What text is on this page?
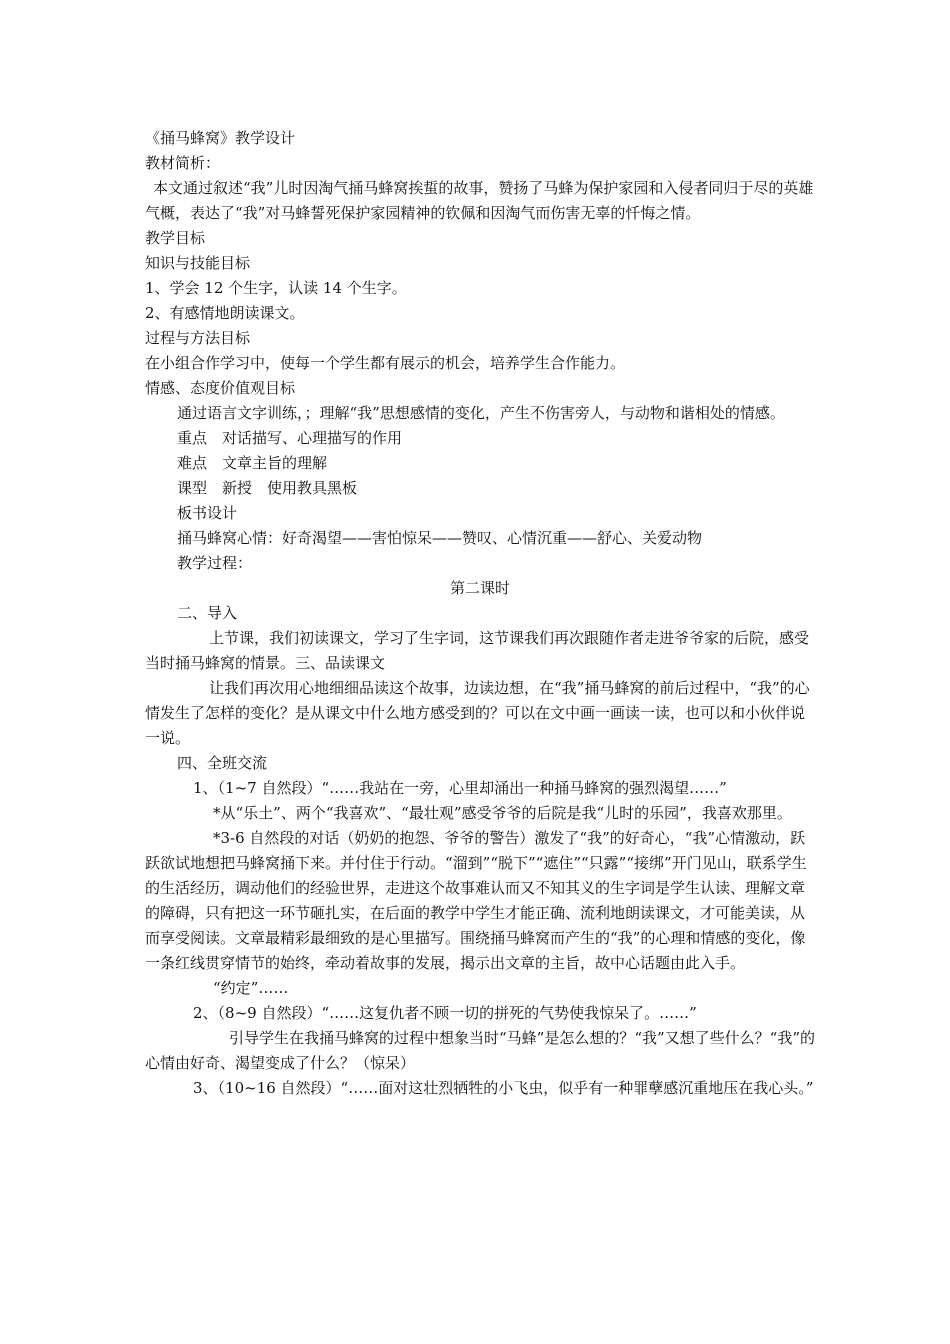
《捅马蜂窝》教学设计

教材简析：

本文通过叙述“我”儿时因淘气捅马蜂窝挨蜇的故事，赞扬了马蜂为保护家园和入侵者同归于尽的英雄气概，表达了“我”对马蜂誓死保护家园精神的钦佩和因淘气而伤害无辜的忏悔之情。

教学目标

知识与技能目标

1、学会 12 个生字，认读 14 个生字。

2、有感情地朗读课文。

过程与方法目标

在小组合作学习中，使每一个学生都有展示的机会，培养学生合作能力。

情感、态度价值观目标

通过语言文字训练，；理解“我”思想感情的变化，产生不伤害旁人，与动物和谐相处的情感。

重点　对话描写、心理描写的作用

难点　文章主旨的理解

课型　新授　使用教具黑板

板书设计

捅马蜂窝心情：好奇渴望——害怕惊呆——赞叹、心情沉重——舒心、关爱动物

教学过程：

第二课时

二、导入

上节课，我们初读课文，学习了生字词，这节课我们再次跟随作者走进爷爷家的后院，感受当时捅马蜂窝的情景。三、品读课文

让我们再次用心地细细品读这个故事，边读边想，在“我”捅马蜂窝的前后过程中，“我”的心情发生了怎样的变化？是从课文中什么地方感受到的？可以在文中画一画读一读，也可以和小伙伴说一说。

四、全班交流

1、（1~7 自然段）“……我站在一旁，心里却涌出一种捅马蜂窝的强烈渴望……”

*从“乐土”、两个“我喜欢”、“最壮观”感受爷爷的后院是我“儿时的乐园”，我喜欢那里。

*3-6 自然段的对话（奶奶的抱怨、爷爷的警告）激发了“我”的好奇心，“我”心情激动，跃跃欲试地想把马蜂窝捅下来。并付住于行动。“溜到”“脱下”“遮住”“只露”“接绑”开门见山，联系学生的生活经历，调动他们的经验世界，走进这个故事难认而又不知其义的生字词是学生认读、理解文章的障碍，只有把这一环节砸扎实，在后面的教学中学生才能正确、流利地朗读课文，才可能美读，从而享受阅读。文章最精彩最细致的是心里描写。围绕捅马蜂窝而产生的“我”的心理和情感的变化，像一条红线贯穿情节的始终，牵动着故事的发展，揭示出文章的主旨，故中心话题由此入手。

“约定”……

2、（8~9 自然段）“……这复仇者不顾一切的拼死的气势使我惊呆了。……”

引导学生在我捅马蜂窝的过程中想象当时“马蜂”是怎么想的？“我”又想了些什么？“我”的心情由好奇、渴望变成了什么？（惊呆）

3、（10~16 自然段）“……面对这壮烈牺牲的小飞虫，似乎有一种罪孽感沉重地压在我心头。”
